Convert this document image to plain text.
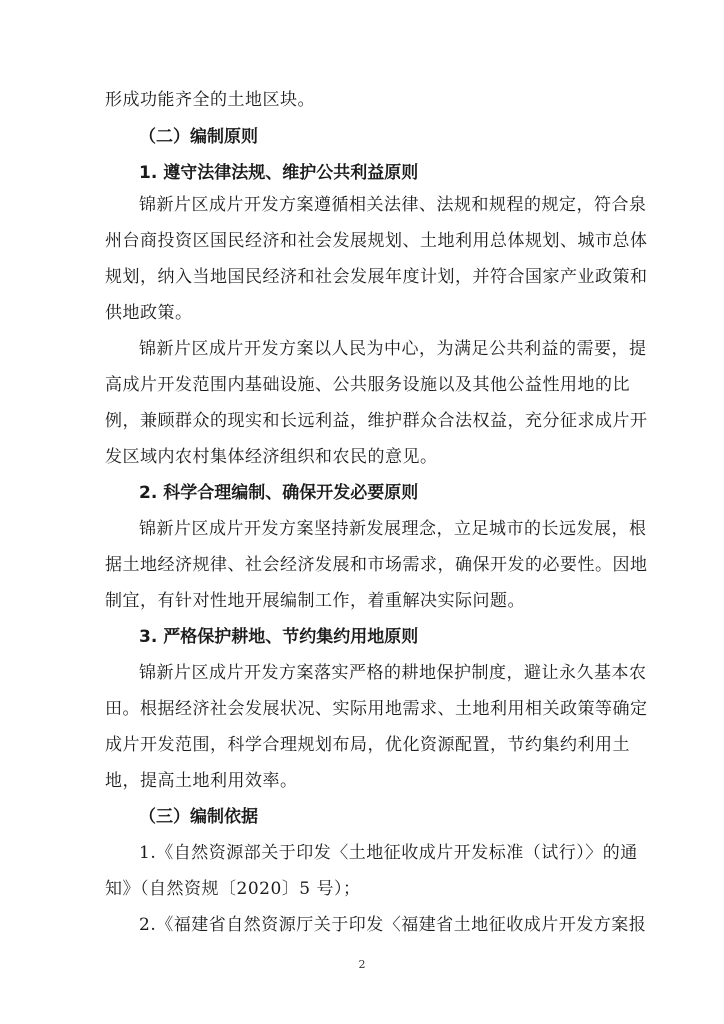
形成功能齐全的土地区块。
（二）编制原则
1. 遵守法律法规、维护公共利益原则
锦新片区成片开发方案遵循相关法律、法规和规程的规定，符合泉
州台商投资区国民经济和社会发展规划、土地利用总体规划、城市总体
规划，纳入当地国民经济和社会发展年度计划，并符合国家产业政策和
供地政策。
锦新片区成片开发方案以人民为中心，为满足公共利益的需要，提
高成片开发范围内基础设施、公共服务设施以及其他公益性用地的比
例，兼顾群众的现实和长远利益，维护群众合法权益，充分征求成片开
发区域内农村集体经济组织和农民的意见。
2. 科学合理编制、确保开发必要原则
锦新片区成片开发方案坚持新发展理念，立足城市的长远发展，根
据土地经济规律、社会经济发展和市场需求，确保开发的必要性。因地
制宜，有针对性地开展编制工作，着重解决实际问题。
3. 严格保护耕地、节约集约用地原则
锦新片区成片开发方案落实严格的耕地保护制度，避让永久基本农
田。根据经济社会发展状况、实际用地需求、土地利用相关政策等确定
成片开发范围，科学合理规划布局，优化资源配置，节约集约利用土
地，提高土地利用效率。
（三）编制依据
1.《自然资源部关于印发〈土地征收成片开发标准（试行）〉的通
知》（自然资规〔2020〕5 号）；
2.《福建省自然资源厅关于印发〈福建省土地征收成片开发方案报
2
